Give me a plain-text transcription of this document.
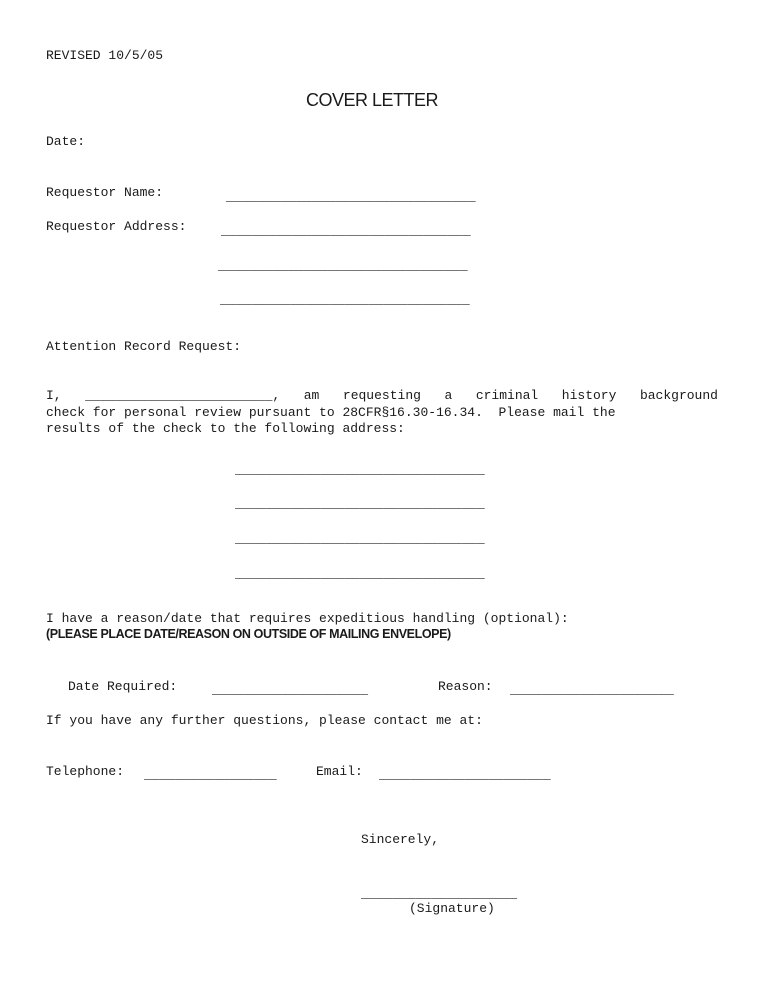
REVISED 10/5/05
COVER LETTER
Date:
Requestor Name:	________________________________
Requestor Address:	________________________________
________________________________
________________________________
Attention Record Request:
I, ________________________, am requesting a criminal history background
check for personal review pursuant to 28CFR§16.30-16.34.  Please mail the
results of the check to the following address:
________________________________
________________________________
________________________________
________________________________
I have a reason/date that requires expeditious handling (optional):
(PLEASE PLACE DATE/REASON ON OUTSIDE OF MAILING ENVELOPE)
Date Required:	____________________	Reason: _____________________
If you have any further questions, please contact me at:
Telephone: _________________	Email: ______________________
Sincerely,
____________________
(Signature)
